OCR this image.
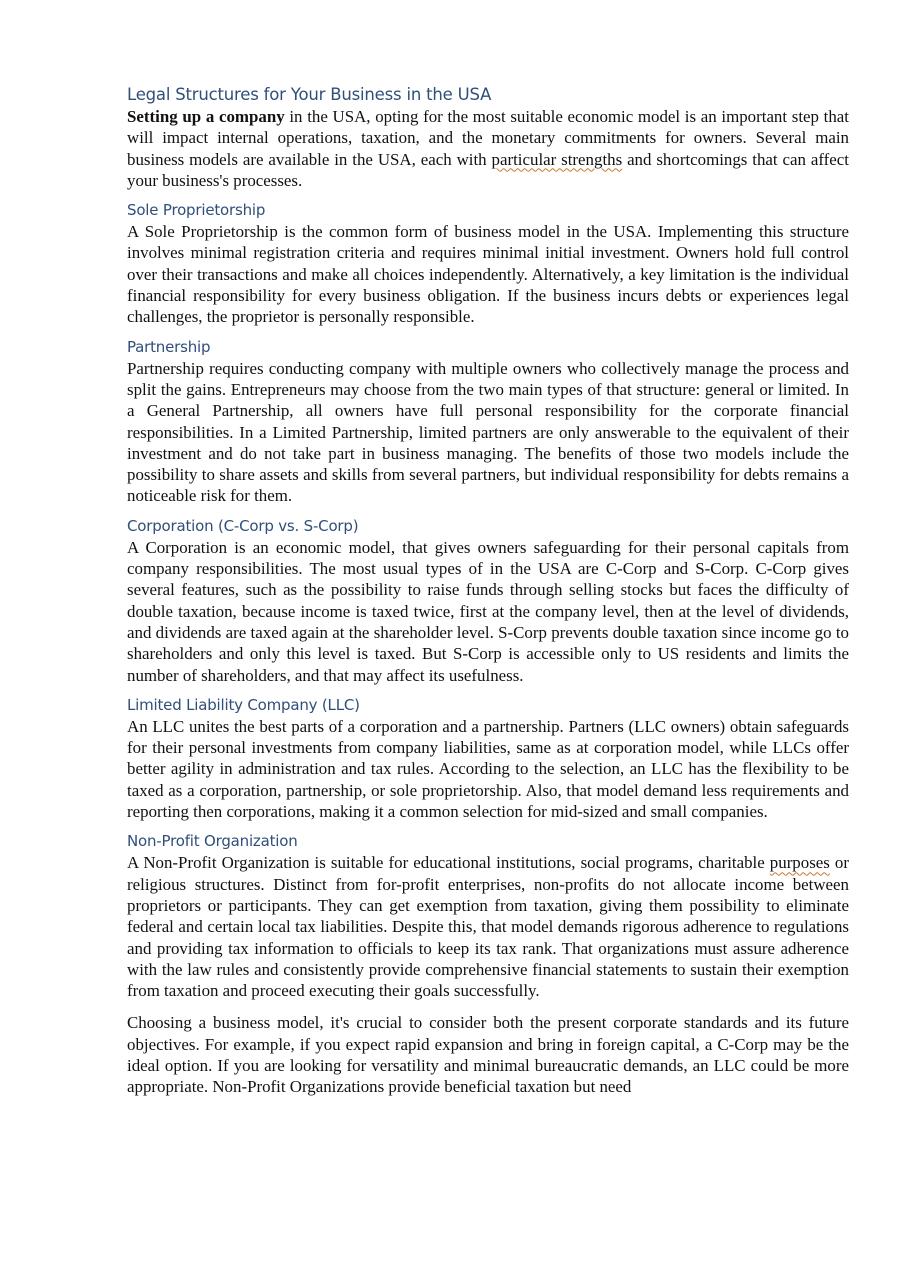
Legal Structures for Your Business in the USA

Setting up a company in the USA, opting for the most suitable economic model is an important step that will impact internal operations, taxation, and the monetary commitments for owners. Several main business models are available in the USA, each with particular strengths and shortcomings that can affect your business's processes.

Sole Proprietorship

A Sole Proprietorship is the common form of business model in the USA. Implementing this structure involves minimal registration criteria and requires minimal initial investment. Owners hold full control over their transactions and make all choices independently. Alternatively, a key limitation is the individual financial responsibility for every business obligation. If the business incurs debts or experiences legal challenges, the proprietor is personally responsible.

Partnership

Partnership requires conducting company with multiple owners who collectively manage the process and split the gains. Entrepreneurs may choose from the two main types of that structure: general or limited. In a General Partnership, all owners have full personal responsibility for the corporate financial responsibilities. In a Limited Partnership, limited partners are only answerable to the equivalent of their investment and do not take part in business managing. The benefits of those two models include the possibility to share assets and skills from several partners, but individual responsibility for debts remains a noticeable risk for them.

Corporation (C-Corp vs. S-Corp)

A Corporation is an economic model, that gives owners safeguarding for their personal capitals from company responsibilities. The most usual types of in the USA are C-Corp and S-Corp. C-Corp gives several features, such as the possibility to raise funds through selling stocks but faces the difficulty of double taxation, because income is taxed twice, first at the company level, then at the level of dividends, and dividends are taxed again at the shareholder level. S-Corp prevents double taxation since income go to shareholders and only this level is taxed. But S-Corp is accessible only to US residents and limits the number of shareholders, and that may affect its usefulness.

Limited Liability Company (LLC)

An LLC unites the best parts of a corporation and a partnership. Partners (LLC owners) obtain safeguards for their personal investments from company liabilities, same as at corporation model, while LLCs offer better agility in administration and tax rules. According to the selection, an LLC has the flexibility to be taxed as a corporation, partnership, or sole proprietorship. Also, that model demand less requirements and reporting then corporations, making it a common selection for mid-sized and small companies.

Non-Profit Organization

A Non-Profit Organization is suitable for educational institutions, social programs, charitable purposes or religious structures. Distinct from for-profit enterprises, non-profits do not allocate income between proprietors or participants. They can get exemption from taxation, giving them possibility to eliminate federal and certain local tax liabilities. Despite this, that model demands rigorous adherence to regulations and providing tax information to officials to keep its tax rank. That organizations must assure adherence with the law rules and consistently provide comprehensive financial statements to sustain their exemption from taxation and proceed executing their goals successfully.

Choosing a business model, it's crucial to consider both the present corporate standards and its future objectives. For example, if you expect rapid expansion and bring in foreign capital, a C-Corp may be the ideal option. If you are looking for versatility and minimal bureaucratic demands, an LLC could be more appropriate. Non-Profit Organizations provide beneficial taxation but need
